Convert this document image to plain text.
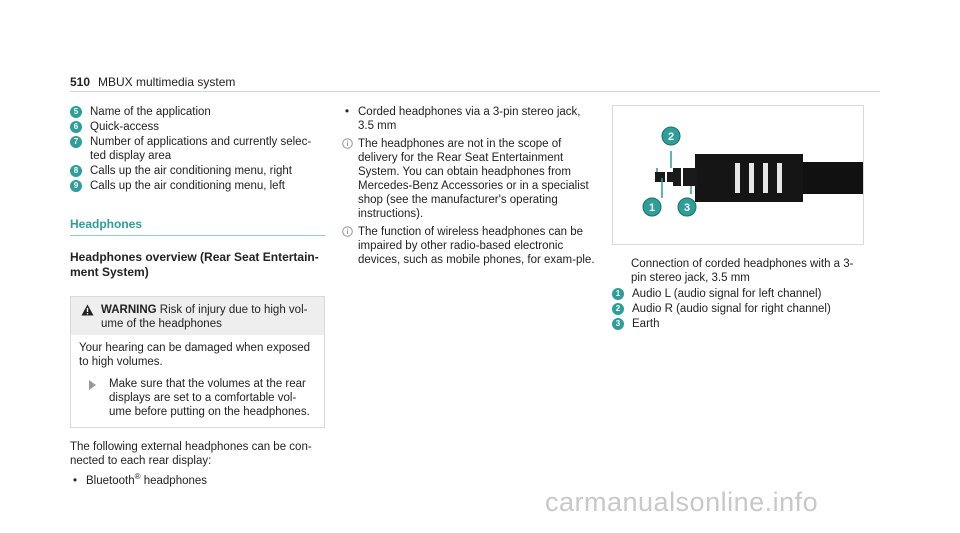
510 MBUX multimedia system
5	Name of the application
6	Quick-access
7	Number of applications and currently selec-ted display area
8	Calls up the air conditioning menu, right
9	Calls up the air conditioning menu, left
Headphones
Headphones overview (Rear Seat Entertain-ment System)
WARNING Risk of injury due to high vol-ume of the headphones
Your hearing can be damaged when exposed to high volumes.
Make sure that the volumes at the rear displays are set to a comfortable vol-ume before putting on the headphones.
The following external headphones can be con-nected to each rear display:
• Bluetooth® headphones
• Corded headphones via a 3-pin stereo jack, 3.5 mm
The headphones are not in the scope of delivery for the Rear Seat Entertainment System. You can obtain headphones from Mercedes-Benz Accessories or in a specialist shop (see the manufacturer's operating instructions).
The function of wireless headphones can be impaired by other radio-based electronic devices, such as mobile phones, for exam-ple.
1
2
3
Connection of corded headphones with a 3-pin stereo jack, 3.5 mm
1	Audio L (audio signal for left channel)
2	Audio R (audio signal for right channel)
3	Earth
carmanualsonline.info
